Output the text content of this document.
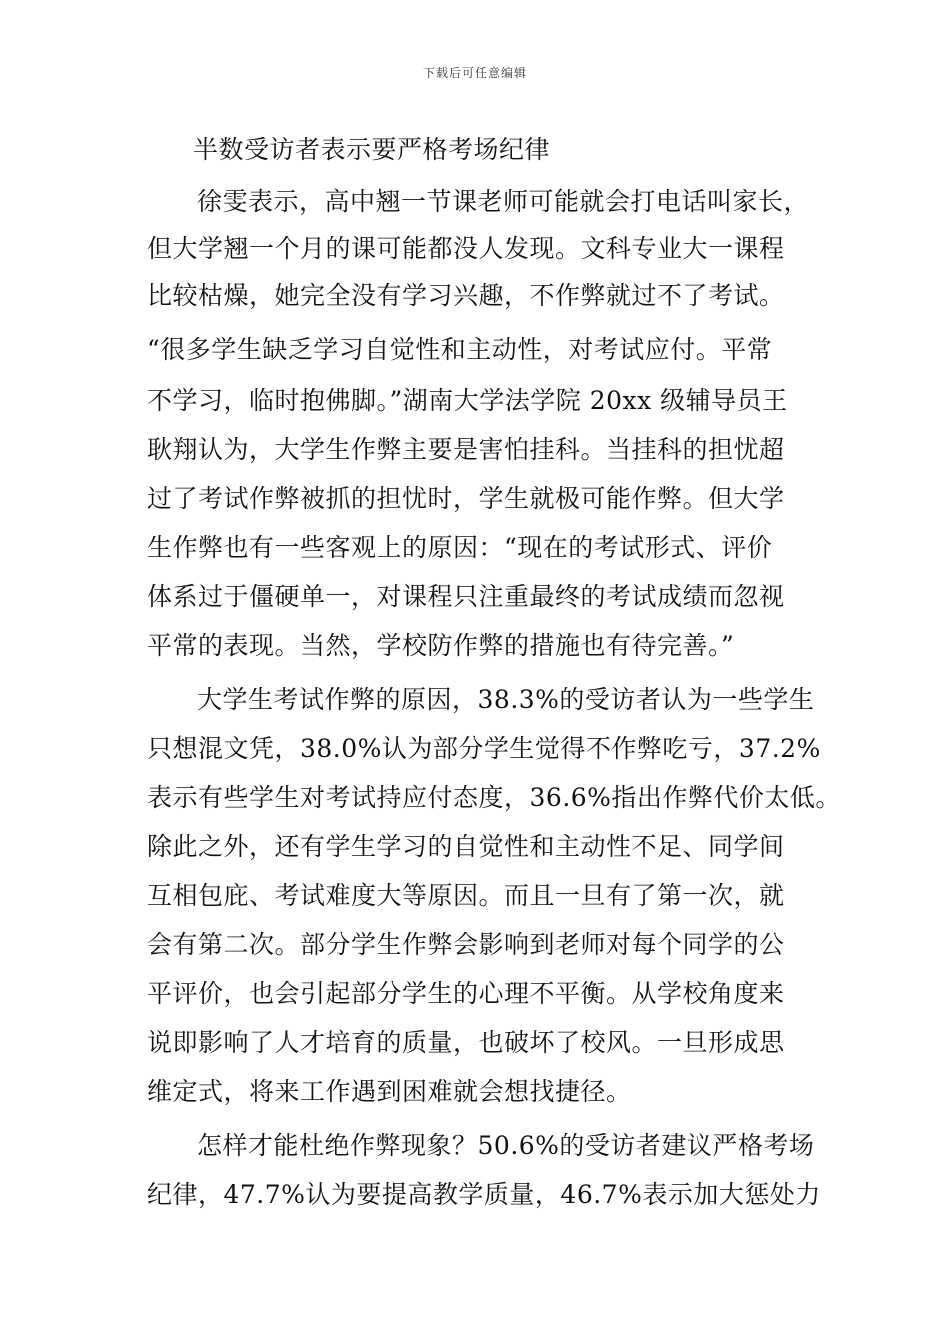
下载后可任意编辑
半数受访者表示要严格考场纪律
徐雯表示，高中翘一节课老师可能就会打电话叫家长，
但大学翘一个月的课可能都没人发现。文科专业大一课程
比较枯燥，她完全没有学习兴趣，不作弊就过不了考试。
“很多学生缺乏学习自觉性和主动性，对考试应付。平常
不学习，临时抱佛脚。”湖南大学法学院 20xx 级辅导员王
耿翔认为，大学生作弊主要是害怕挂科。当挂科的担忧超
过了考试作弊被抓的担忧时，学生就极可能作弊。但大学
生作弊也有一些客观上的原因：“现在的考试形式、评价
体系过于僵硬单一，对课程只注重最终的考试成绩而忽视
平常的表现。当然，学校防作弊的措施也有待完善。”
大学生考试作弊的原因，38.3%的受访者认为一些学生
只想混文凭，38.0%认为部分学生觉得不作弊吃亏，37.2%
表示有些学生对考试持应付态度，36.6%指出作弊代价太低。
除此之外，还有学生学习的自觉性和主动性不足、同学间
互相包庇、考试难度大等原因。而且一旦有了第一次，就
会有第二次。部分学生作弊会影响到老师对每个同学的公
平评价，也会引起部分学生的心理不平衡。从学校角度来
说即影响了人才培育的质量，也破坏了校风。一旦形成思
维定式，将来工作遇到困难就会想找捷径。
怎样才能杜绝作弊现象？50.6%的受访者建议严格考场
纪律，47.7%认为要提高教学质量，46.7%表示加大惩处力
